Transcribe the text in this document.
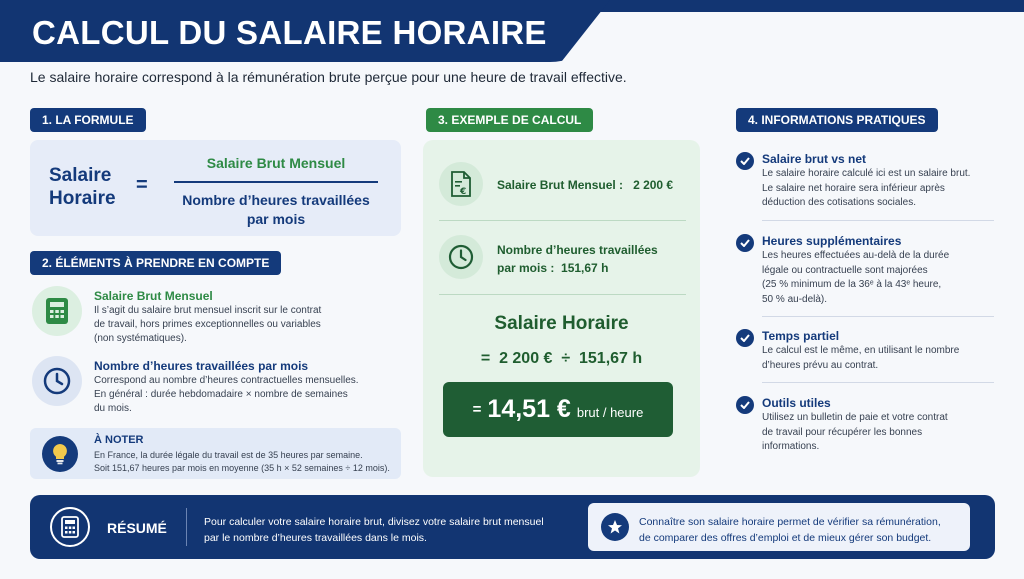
CALCUL DU SALAIRE HORAIRE
Le salaire horaire correspond à la rémunération brute perçue pour une heure de travail effective.
1. LA FORMULE
Salaire
Horaire
=
Salaire Brut Mensuel
Nombre d’heures travaillées
par mois
2. ÉLÉMENTS À PRENDRE EN COMPTE
Salaire Brut Mensuel
Il s’agit du salaire brut mensuel inscrit sur le contrat
de travail, hors primes exceptionnelles ou variables
(non systématiques).
Nombre d’heures travaillées par mois
Correspond au nombre d’heures contractuelles mensuelles.
En général : durée hebdomadaire × nombre de semaines
du mois.
À NOTER
En France, la durée légale du travail est de 35 heures par semaine.
Soit 151,67 heures par mois en moyenne (35 h × 52 semaines ÷ 12 mois).
3. EXEMPLE DE CALCUL
€	Salaire Brut Mensuel : 2 200 €
Nombre d’heures travaillées
par mois : 151,67 h
Salaire Horaire
=  2 200 €  ÷  151,67 h
= 14,51 € brut / heure
4. INFORMATIONS PRATIQUES
Salaire brut vs net
Le salaire horaire calculé ici est un salaire brut.
Le salaire net horaire sera inférieur après
déduction des cotisations sociales.
Heures supplémentaires
Les heures effectuées au-delà de la durée
légale ou contractuelle sont majorées
(25 % minimum de la 36ᵉ à la 43ᵉ heure,
50 % au-delà).
Temps partiel
Le calcul est le même, en utilisant le nombre
d’heures prévu au contrat.
Outils utiles
Utilisez un bulletin de paie et votre contrat
de travail pour récupérer les bonnes
informations.
RÉSUMÉ	Pour calculer votre salaire horaire brut, divisez votre salaire brut mensuel
par le nombre d’heures travaillées dans le mois.
Connaître son salaire horaire permet de vérifier sa rémunération,
de comparer des offres d’emploi et de mieux gérer son budget.
